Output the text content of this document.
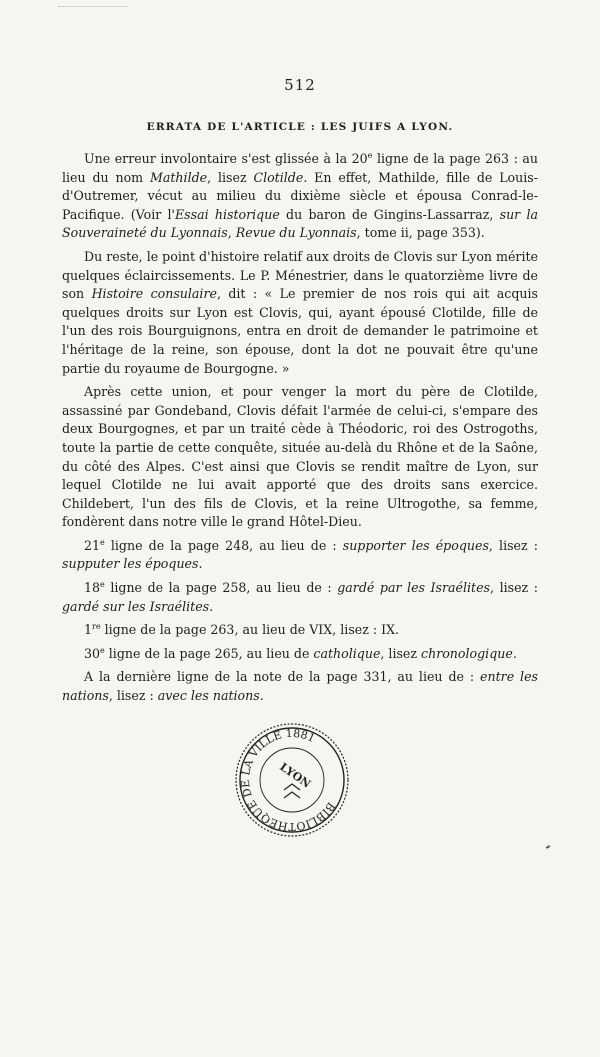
512
ERRATA DE L'ARTICLE : LES JUIFS A LYON.

Une erreur involontaire s'est glissée à la 20e ligne de la page 263 : au lieu du nom Mathilde, lisez Clotilde. En effet, Mathilde, fille de Louis-d'Outremer, vécut au milieu du dixième siècle et épousa Conrad-le-Pacifique. (Voir l'Essai historique du baron de Gingins-Lassarraz, sur la Souveraineté du Lyonnais, Revue du Lyonnais, tome ii, page 353).

Du reste, le point d'histoire relatif aux droits de Clovis sur Lyon mérite quelques éclaircissements. Le P. Ménestrier, dans le quatorzième livre de son Histoire consulaire, dit : « Le premier de nos rois qui ait acquis quelques droits sur Lyon est Clovis, qui, ayant épousé Clotilde, fille de l'un des rois Bourguignons, entra en droit de demander le patrimoine et l'héritage de la reine, son épouse, dont la dot ne pouvait être qu'une partie du royaume de Bourgogne. »

Après cette union, et pour venger la mort du père de Clotilde, assassiné par Gondeband, Clovis défait l'armée de celui-ci, s'empare des deux Bourgognes, et par un traité cède à Théodoric, roi des Ostrogoths, toute la partie de cette conquête, située au-delà du Rhône et de la Saône, du côté des Alpes. C'est ainsi que Clovis se rendit maître de Lyon, sur lequel Clotilde ne lui avait apporté que des droits sans exercice. Childebert, l'un des fils de Clovis, et la reine Ultrogothe, sa femme, fondèrent dans notre ville le grand Hôtel-Dieu.

21e ligne de la page 248, au lieu de : supporter les époques, lisez : supputer les époques.

18e ligne de la page 258, au lieu de : gardé par les Israélites, lisez : gardé sur les Israélites.

1re ligne de la page 263, au lieu de VIX, lisez : IX.

30e ligne de la page 265, au lieu de catholique, lisez chronologique.

A la dernière ligne de la note de la page 331, au lieu de : entre les nations, lisez : avec les nations.

BIBLIOTHÈQUE DE LA VILLE 1881
LYON
